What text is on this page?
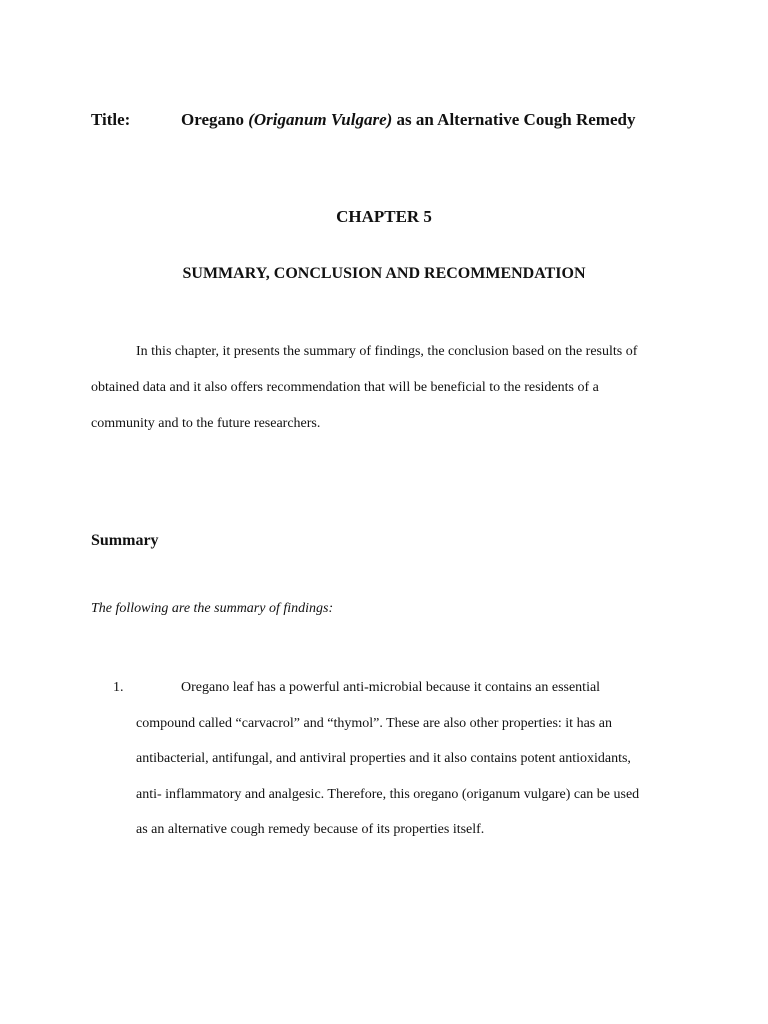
Title:	Oregano (Origanum Vulgare) as an Alternative Cough Remedy
CHAPTER 5
SUMMARY, CONCLUSION AND RECOMMENDATION
In this chapter, it presents the summary of findings, the conclusion based on the results of
obtained data and it also offers recommendation that will be beneficial to the residents of a
community and to the future researchers.
Summary
The following are the summary of findings:
1.	Oregano leaf has a powerful anti-microbial because it contains an essential
compound called “carvacrol” and “thymol”. These are also other properties: it has an
antibacterial, antifungal, and antiviral properties and it also contains potent antioxidants,
anti- inflammatory and analgesic. Therefore, this oregano (origanum vulgare) can be used
as an alternative cough remedy because of its properties itself.
